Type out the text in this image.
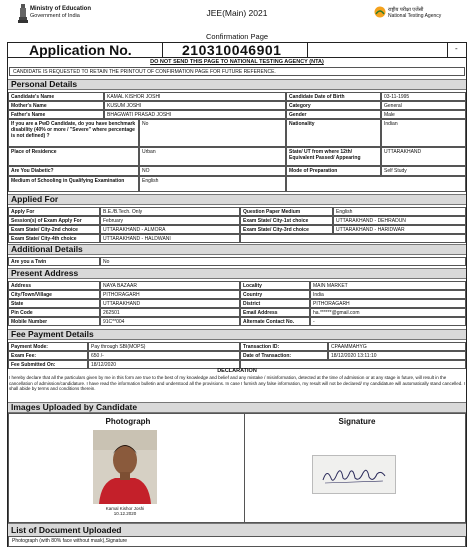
Ministry of Education
Government of India	JEE(Main) 2021	राष्ट्रीय परीक्षा एजेंसी
National Testing Agency
Confirmation Page
Application No.	210310046901	-
DO NOT SEND THIS PAGE TO NATIONAL TESTING AGENCY (NTA)
CANDIDATE IS REQUESTED TO RETAIN THE PRINTOUT OF CONFIRMATION PAGE FOR FUTURE REFERENCE.
Personal Details
Candidate's Name	KAMAL KISHOR JOSHI	Candidate Date of Birth	03-11-1995
Mother's Name	KUSUM JOSHI	Category	General
Father's Name	BHAGWATI PRASAD JOSHI	Gender	Male
If you are a PwD Candidate, do you have benchmark disability (40% or more / "Severe" where percentage is not defined) ?
No	Nationality	Indian
Place of Residence	Urban	State/ UT from where 12th/ Equivalent Passed/ Appearing
UTTARAKHAND
Are You Diabetic?	NO	Mode of Preparation	Self Study
Medium of Schooling in Qualifying Examination	English
Applied For
Apply For	B.E./B.Tech. Only	Question Paper Medium	English
Session(s) of Exam Apply For	February	Exam State/ City-1st choice	UTTARAKHAND - DEHRADUN
Exam State/ City-2nd choice	UTTARAKHAND - ALMORA	Exam State/ City-3rd choice	UTTARAKHAND - HARIDWAR
Exam State/ City-4th choice	UTTARAKHAND - HALDWANI
Additional Details
Are you a Twin	No
Present Address
Address	NAYA BAZAAR	Locality	MAIN MARKET
City/Town/Village	PITHORAGARH	Country	India
State	UTTARAKHAND	District	PITHORAGARH
Pin Code	262501	Email Address	ha.******@gmail.com
Mobile Number	91C**004	Alternate Contact No.	-
Fee Payment Details
Payment Mode:	Pay through SBI(MOPS)	Transaction ID:	CPAAMMAHYG
Exam Fee:	650 /-	Date of Transaction:	18/12/2020 13:11:10
Fee Submitted On:	18/12/2020
DECLARATION
I hereby declare that all the particulars given by me in this form are true to the best of my knowledge and belief and any mistake / misinformation, detected at the time of admission or at any stage in future, will result in the cancellation of admission/candidature. I have read the information bulletin and understood all the provisions. In case I furnish any false information, my result will not be declared/ my candidature will automatically stand cancelled. I shall abide by terms and conditions therein.
Images Uploaded by Candidate
Photograph	Signature
Kamal Kishor Joshi
10.12.2020
List of Document Uploaded
Photograph (with 80% face without mask),Signature
